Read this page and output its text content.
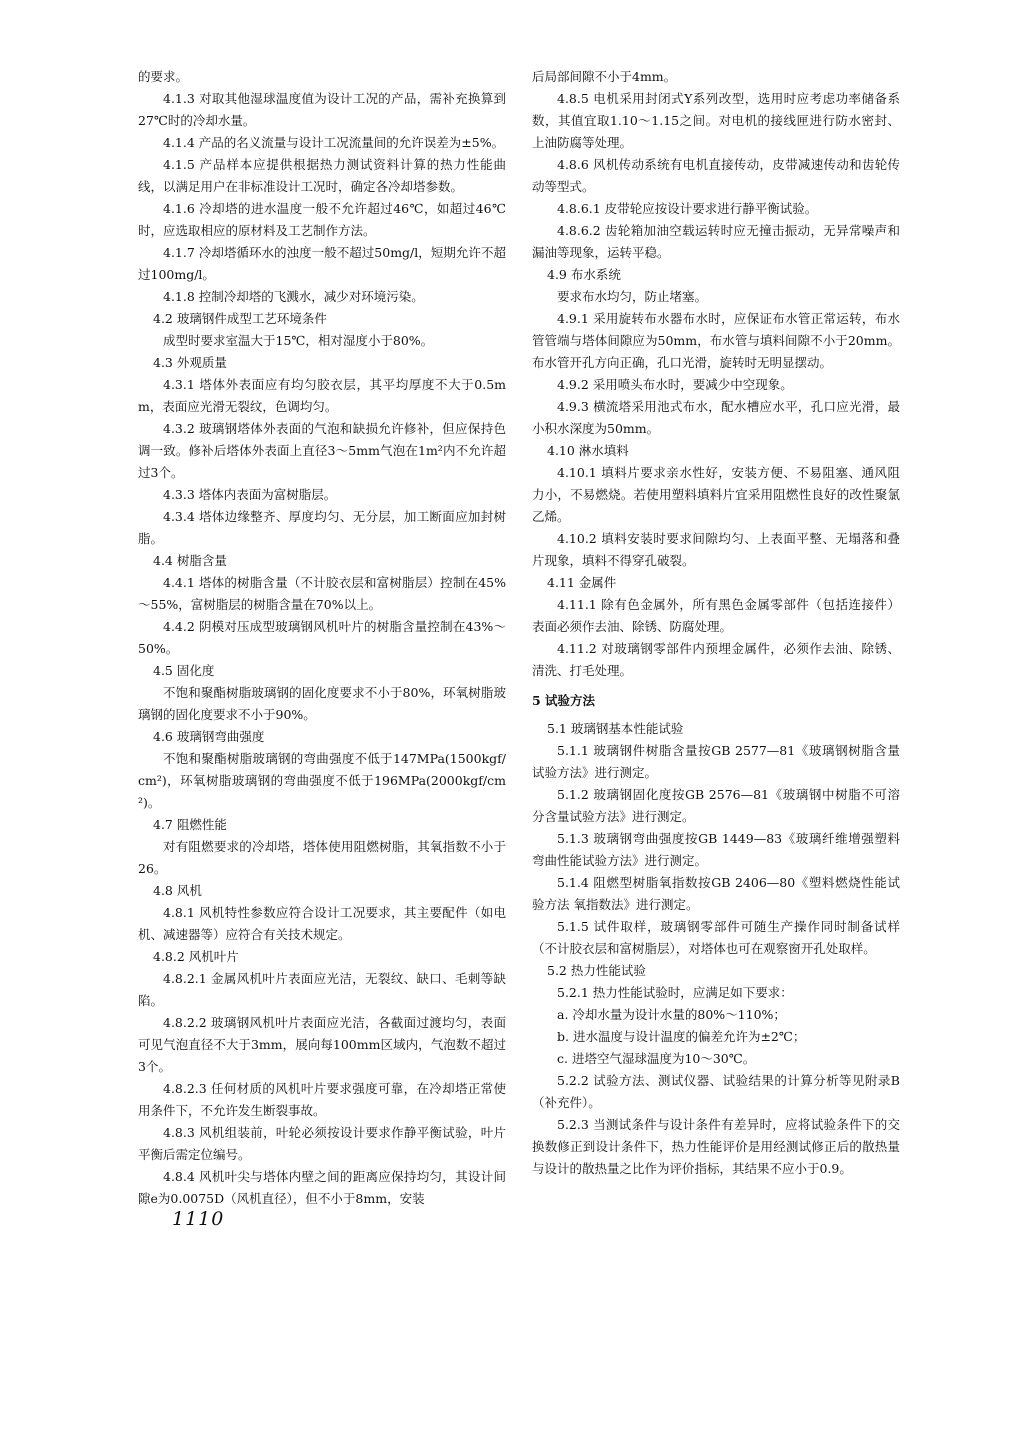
的要求。

4.1.3 对取其他湿球温度值为设计工况的产品，需补充换算到27℃时的冷却水量。

4.1.4 产品的名义流量与设计工况流量间的允许误差为±5%。

4.1.5 产品样本应提供根据热力测试资料计算的热力性能曲线，以满足用户在非标准设计工况时，确定各冷却塔参数。

4.1.6 冷却塔的进水温度一般不允许超过46℃，如超过46℃时，应选取相应的原材料及工艺制作方法。

4.1.7 冷却塔循环水的浊度一般不超过50mg/l，短期允许不超过100mg/l。

4.1.8 控制冷却塔的飞溅水，减少对环境污染。

4.2 玻璃钢件成型工艺环境条件

成型时要求室温大于15℃，相对湿度小于80%。

4.3 外观质量

4.3.1 塔体外表面应有均匀胶衣层，其平均厚度不大于0.5mm，表面应光滑无裂纹，色调均匀。

4.3.2 玻璃钢塔体外表面的气泡和缺损允许修补，但应保持色调一致。修补后塔体外表面上直径3～5mm气泡在1m²内不允许超过3个。

4.3.3 塔体内表面为富树脂层。

4.3.4 塔体边缘整齐、厚度均匀、无分层，加工断面应加封树脂。

4.4 树脂含量

4.4.1 塔体的树脂含量（不计胶衣层和富树脂层）控制在45%～55%，富树脂层的树脂含量在70%以上。

4.4.2 阴模对压成型玻璃钢风机叶片的树脂含量控制在43%～50%。

4.5 固化度

不饱和聚酯树脂玻璃钢的固化度要求不小于80%，环氧树脂玻璃钢的固化度要求不小于90%。

4.6 玻璃钢弯曲强度

不饱和聚酯树脂玻璃钢的弯曲强度不低于147MPa(1500kgf/cm²)，环氧树脂玻璃钢的弯曲强度不低于196MPa(2000kgf/cm²)。

4.7 阻燃性能

对有阻燃要求的冷却塔，塔体使用阻燃树脂，其氧指数不小于26。

4.8 风机

4.8.1 风机特性参数应符合设计工况要求，其主要配件（如电机、减速器等）应符合有关技术规定。

4.8.2 风机叶片

4.8.2.1 金属风机叶片表面应光洁，无裂纹、缺口、毛刺等缺陷。

4.8.2.2 玻璃钢风机叶片表面应光洁，各截面过渡均匀，表面可见气泡直径不大于3mm，展向每100mm区域内，气泡数不超过3个。

4.8.2.3 任何材质的风机叶片要求强度可靠，在冷却塔正常使用条件下，不允许发生断裂事故。

4.8.3 风机组装前，叶轮必须按设计要求作静平衡试验，叶片平衡后需定位编号。

4.8.4 风机叶尖与塔体内壁之间的距离应保持均匀，其设计间隙e为0.0075D（风机直径），但不小于8mm，安装

后局部间隙不小于4mm。

4.8.5 电机采用封闭式Y系列改型，选用时应考虑功率储备系数，其值宜取1.10～1.15之间。对电机的接线匣进行防水密封、上油防腐等处理。

4.8.6 风机传动系统有电机直接传动，皮带减速传动和齿轮传动等型式。

4.8.6.1 皮带轮应按设计要求进行静平衡试验。

4.8.6.2 齿轮箱加油空载运转时应无撞击振动，无异常噪声和漏油等现象，运转平稳。

4.9 布水系统

要求布水均匀，防止堵塞。

4.9.1 采用旋转布水器布水时，应保证布水管正常运转，布水管管端与塔体间隙应为50mm，布水管与填料间隙不小于20mm。布水管开孔方向正确，孔口光滑，旋转时无明显摆动。

4.9.2 采用喷头布水时，要减少中空现象。

4.9.3 横流塔采用池式布水，配水槽应水平，孔口应光滑，最小积水深度为50mm。

4.10 淋水填料

4.10.1 填料片要求亲水性好，安装方便、不易阻塞、通风阻力小，不易燃烧。若使用塑料填料片宜采用阻燃性良好的改性聚氯乙烯。

4.10.2 填料安装时要求间隙均匀、上表面平整、无塌落和叠片现象，填料不得穿孔破裂。

4.11 金属件

4.11.1 除有色金属外，所有黑色金属零部件（包括连接件）表面必须作去油、除锈、防腐处理。

4.11.2 对玻璃钢零部件内预埋金属件，必须作去油、除锈、清洗、打毛处理。

5 试验方法

5.1 玻璃钢基本性能试验

5.1.1 玻璃钢件树脂含量按GB 2577—81《玻璃钢树脂含量试验方法》进行测定。

5.1.2 玻璃钢固化度按GB 2576—81《玻璃钢中树脂不可溶分含量试验方法》进行测定。

5.1.3 玻璃钢弯曲强度按GB 1449—83《玻璃纤维增强塑料弯曲性能试验方法》进行测定。

5.1.4 阻燃型树脂氧指数按GB 2406—80《塑料燃烧性能试验方法 氧指数法》进行测定。

5.1.5 试件取样，玻璃钢零部件可随生产操作同时制备试样（不计胶衣层和富树脂层），对塔体也可在观察窗开孔处取样。

5.2 热力性能试验

5.2.1 热力性能试验时，应满足如下要求：

a. 冷却水量为设计水量的80%～110%；

b. 进水温度与设计温度的偏差允许为±2℃；

c. 进塔空气湿球温度为10～30℃。

5.2.2 试验方法、测试仪器、试验结果的计算分析等见附录B（补充件）。

5.2.3 当测试条件与设计条件有差异时，应将试验条件下的交换数修正到设计条件下，热力性能评价是用经测试修正后的散热量与设计的散热量之比作为评价指标，其结果不应小于0.9。

1110
